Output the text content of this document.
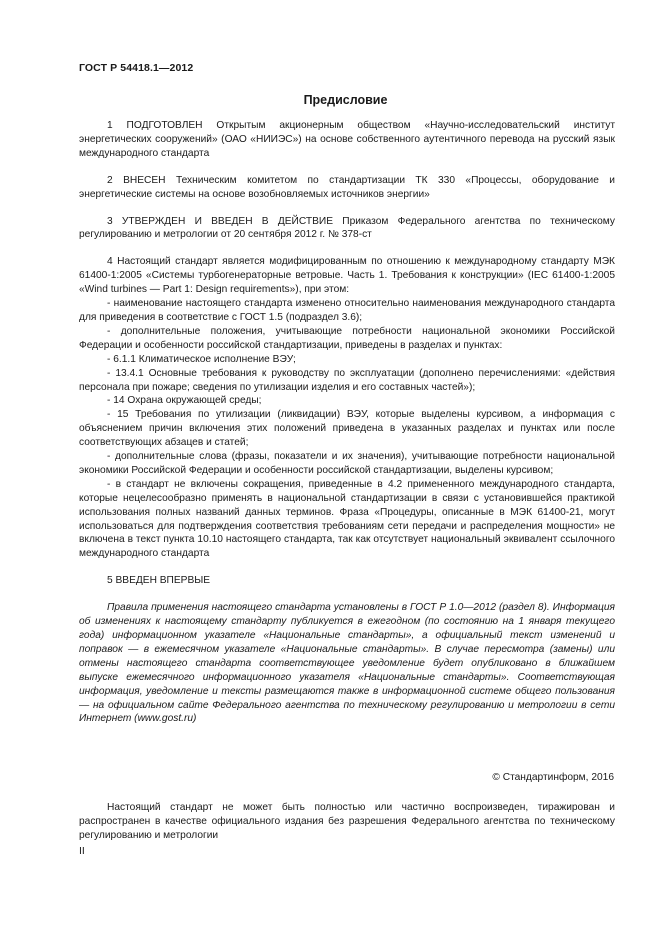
ГОСТ Р 54418.1—2012
Предисловие

1 ПОДГОТОВЛЕН Открытым акционерным обществом «Научно-исследовательский институт энергетических сооружений» (ОАО «НИИЭС») на основе собственного аутентичного перевода на русский язык международного стандарта

2 ВНЕСЕН Техническим комитетом по стандартизации ТК 330 «Процессы, оборудование и энергетические системы на основе возобновляемых источников энергии»

3 УТВЕРЖДЕН И ВВЕДЕН В ДЕЙСТВИЕ Приказом Федерального агентства по техническому регулированию и метрологии от 20 сентября 2012 г. № 378-ст

4 Настоящий стандарт является модифицированным по отношению к международному стандарту МЭК 61400-1:2005 «Системы турбогенераторные ветровые. Часть 1. Требования к конструкции» (IEC 61400-1:2005 «Wind turbines — Part 1: Design requirements»), при этом:

- наименование настоящего стандарта изменено относительно наименования международного стандарта для приведения в соответствие с ГОСТ 1.5 (подраздел 3.6);

- дополнительные положения, учитывающие потребности национальной экономики Российской Федерации и особенности российской стандартизации, приведены в разделах и пунктах:

- 6.1.1 Климатическое исполнение ВЭУ;

- 13.4.1 Основные требования к руководству по эксплуатации (дополнено перечислениями: «действия персонала при пожаре; сведения по утилизации изделия и его составных частей»);

- 14 Охрана окружающей среды;

- 15 Требования по утилизации (ликвидации) ВЭУ, которые выделены курсивом, а информация с объяснением причин включения этих положений приведена в указанных разделах и пунктах или после соответствующих абзацев и статей;

- дополнительные слова (фразы, показатели и их значения), учитывающие потребности национальной экономики Российской Федерации и особенности российской стандартизации, выделены курсивом;

- в стандарт не включены сокращения, приведенные в 4.2 примененного международного стандарта, которые нецелесообразно применять в национальной стандартизации в связи с установившейся практикой использования полных названий данных терминов. Фраза «Процедуры, описанные в МЭК 61400-21, могут использоваться для подтверждения соответствия требованиям сети передачи и распределения мощности» не включена в текст пункта 10.10 настоящего стандарта, так как отсутствует национальный эквивалент ссылочного международного стандарта

5 ВВЕДЕН ВПЕРВЫЕ

Правила применения настоящего стандарта установлены в ГОСТ Р 1.0—2012 (раздел 8). Информация об изменениях к настоящему стандарту публикуется в ежегодном (по состоянию на 1 января текущего года) информационном указателе «Национальные стандарты», а официальный текст изменений и поправок — в ежемесячном указателе «Национальные стандарты». В случае пересмотра (замены) или отмены настоящего стандарта соответствующее уведомление будет опубликовано в ближайшем выпуске ежемесячного информационного указателя «Национальные стандарты». Соответствующая информация, уведомление и тексты размещаются также в информационной системе общего пользования — на официальном сайте Федерального агентства по техническому регулированию и метрологии в сети Интернет (www.gost.ru)

© Стандартинформ, 2016

Настоящий стандарт не может быть полностью или частично воспроизведен, тиражирован и распространен в качестве официального издания без разрешения Федерального агентства по техническому регулированию и метрологии

II
